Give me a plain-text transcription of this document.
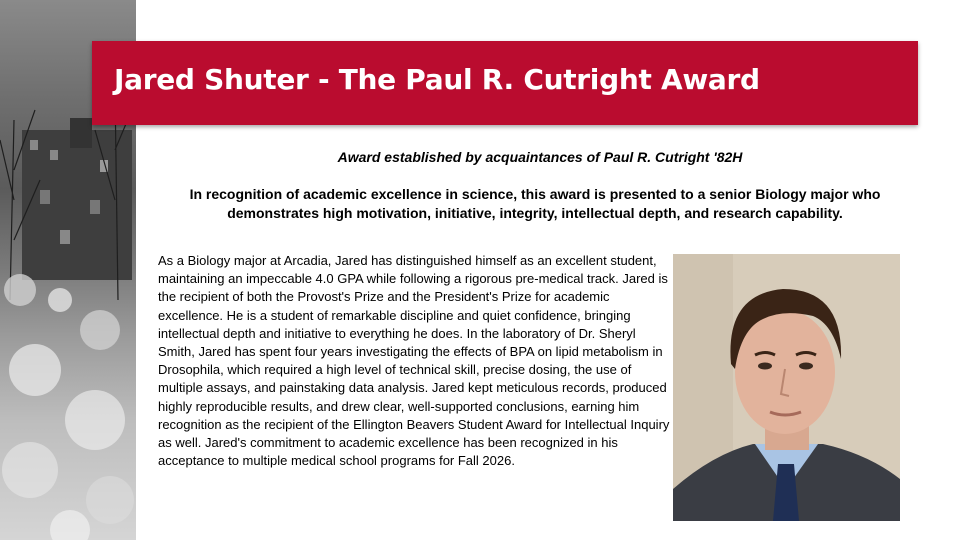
Jared Shuter - The Paul R. Cutright Award
Award established by acquaintances of Paul R. Cutright '82H
In recognition of academic excellence in science, this award is presented to a senior Biology major who demonstrates high motivation, initiative, integrity, intellectual depth, and research capability.
As a Biology major at Arcadia, Jared has distinguished himself as an excellent student, maintaining an impeccable 4.0 GPA while following a rigorous pre-medical track. Jared is the recipient of both the Provost's Prize and the President's Prize for academic excellence. He is a student of remarkable discipline and quiet confidence, bringing intellectual depth and initiative to everything he does. In the laboratory of Dr. Sheryl Smith, Jared has spent four years investigating the effects of BPA on lipid metabolism in Drosophila, which required a high level of technical skill, precise dosing, the use of multiple assays, and painstaking data analysis. Jared kept meticulous records, produced highly reproducible results, and drew clear, well-supported conclusions, earning him recognition as the recipient of the Ellington Beavers Student Award for Intellectual Inquiry as well. Jared's commitment to academic excellence has been recognized in his acceptance to multiple medical school programs for Fall 2026.
